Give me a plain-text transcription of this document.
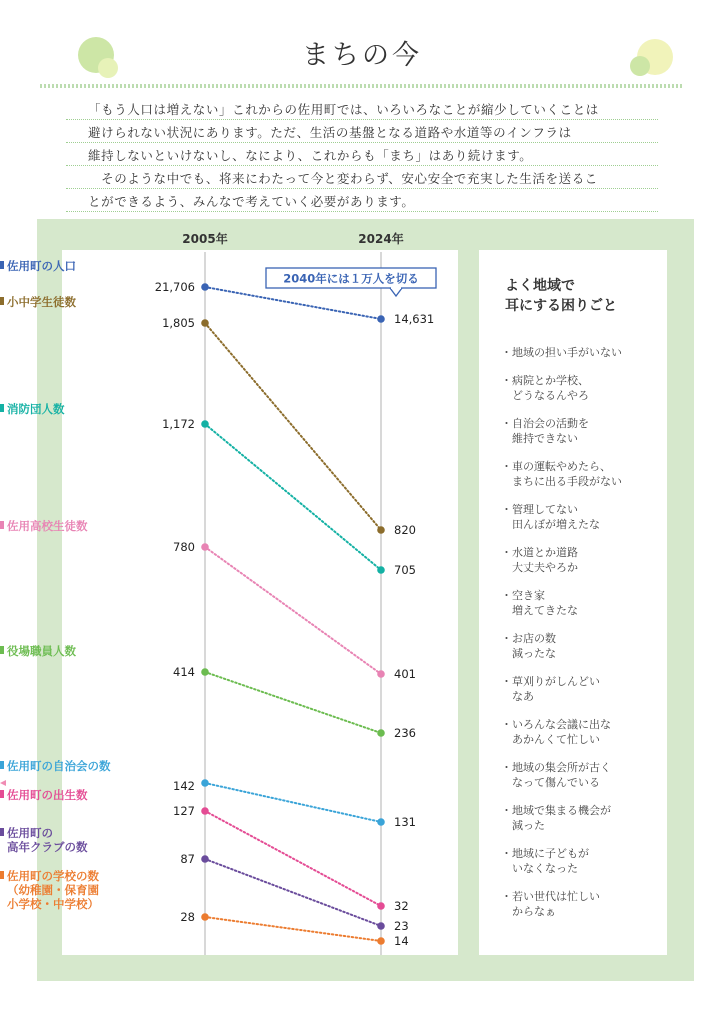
まちの今
「もう人口は増えない」これからの佐用町では、いろいろなことが縮少していくことは
避けられない状況にあります。ただ、生活の基盤となる道路や水道等のインフラは
維持しないといけないし、なにより、これからも「まち」はあり続けます。
　そのような中でも、将来にわたって今と変わらず、安心安全で充実した生活を送るこ
とができるよう、みんなで考えていく必要があります。
21,706
14,631
佐用町の人口
1,805
820
小中学生徒数
1,172
705
消防団人数
780
401
佐用高校生徒数
414
236
役場職員人数
142
131
佐用町の自治会の数
127
32
佐用町の出生数
87
23
佐用町の
高年クラブの数
28
14
佐用町の学校の数
（幼稚園・保育園
小学校・中学校）
2040年には１万人を切る	よく地域で
耳にする困りごと
・地域の担い手がいない
・病院とか学校、
どうなるんやろ
・自治会の活動を
維持できない
・車の運転やめたら、
まちに出る手段がない
・管理してない
田んぼが増えたな
・水道とか道路
大丈夫やろか
・空き家
増えてきたな
・お店の数
減ったな
・草刈りがしんどい
なあ
・いろんな会議に出な
あかんくて忙しい
・地域の集会所が古く
なって傷んでいる
・地域で集まる機会が
減った
・地域に子どもが
いなくなった
・若い世代は忙しい
からなぁ
2005年	2024年
